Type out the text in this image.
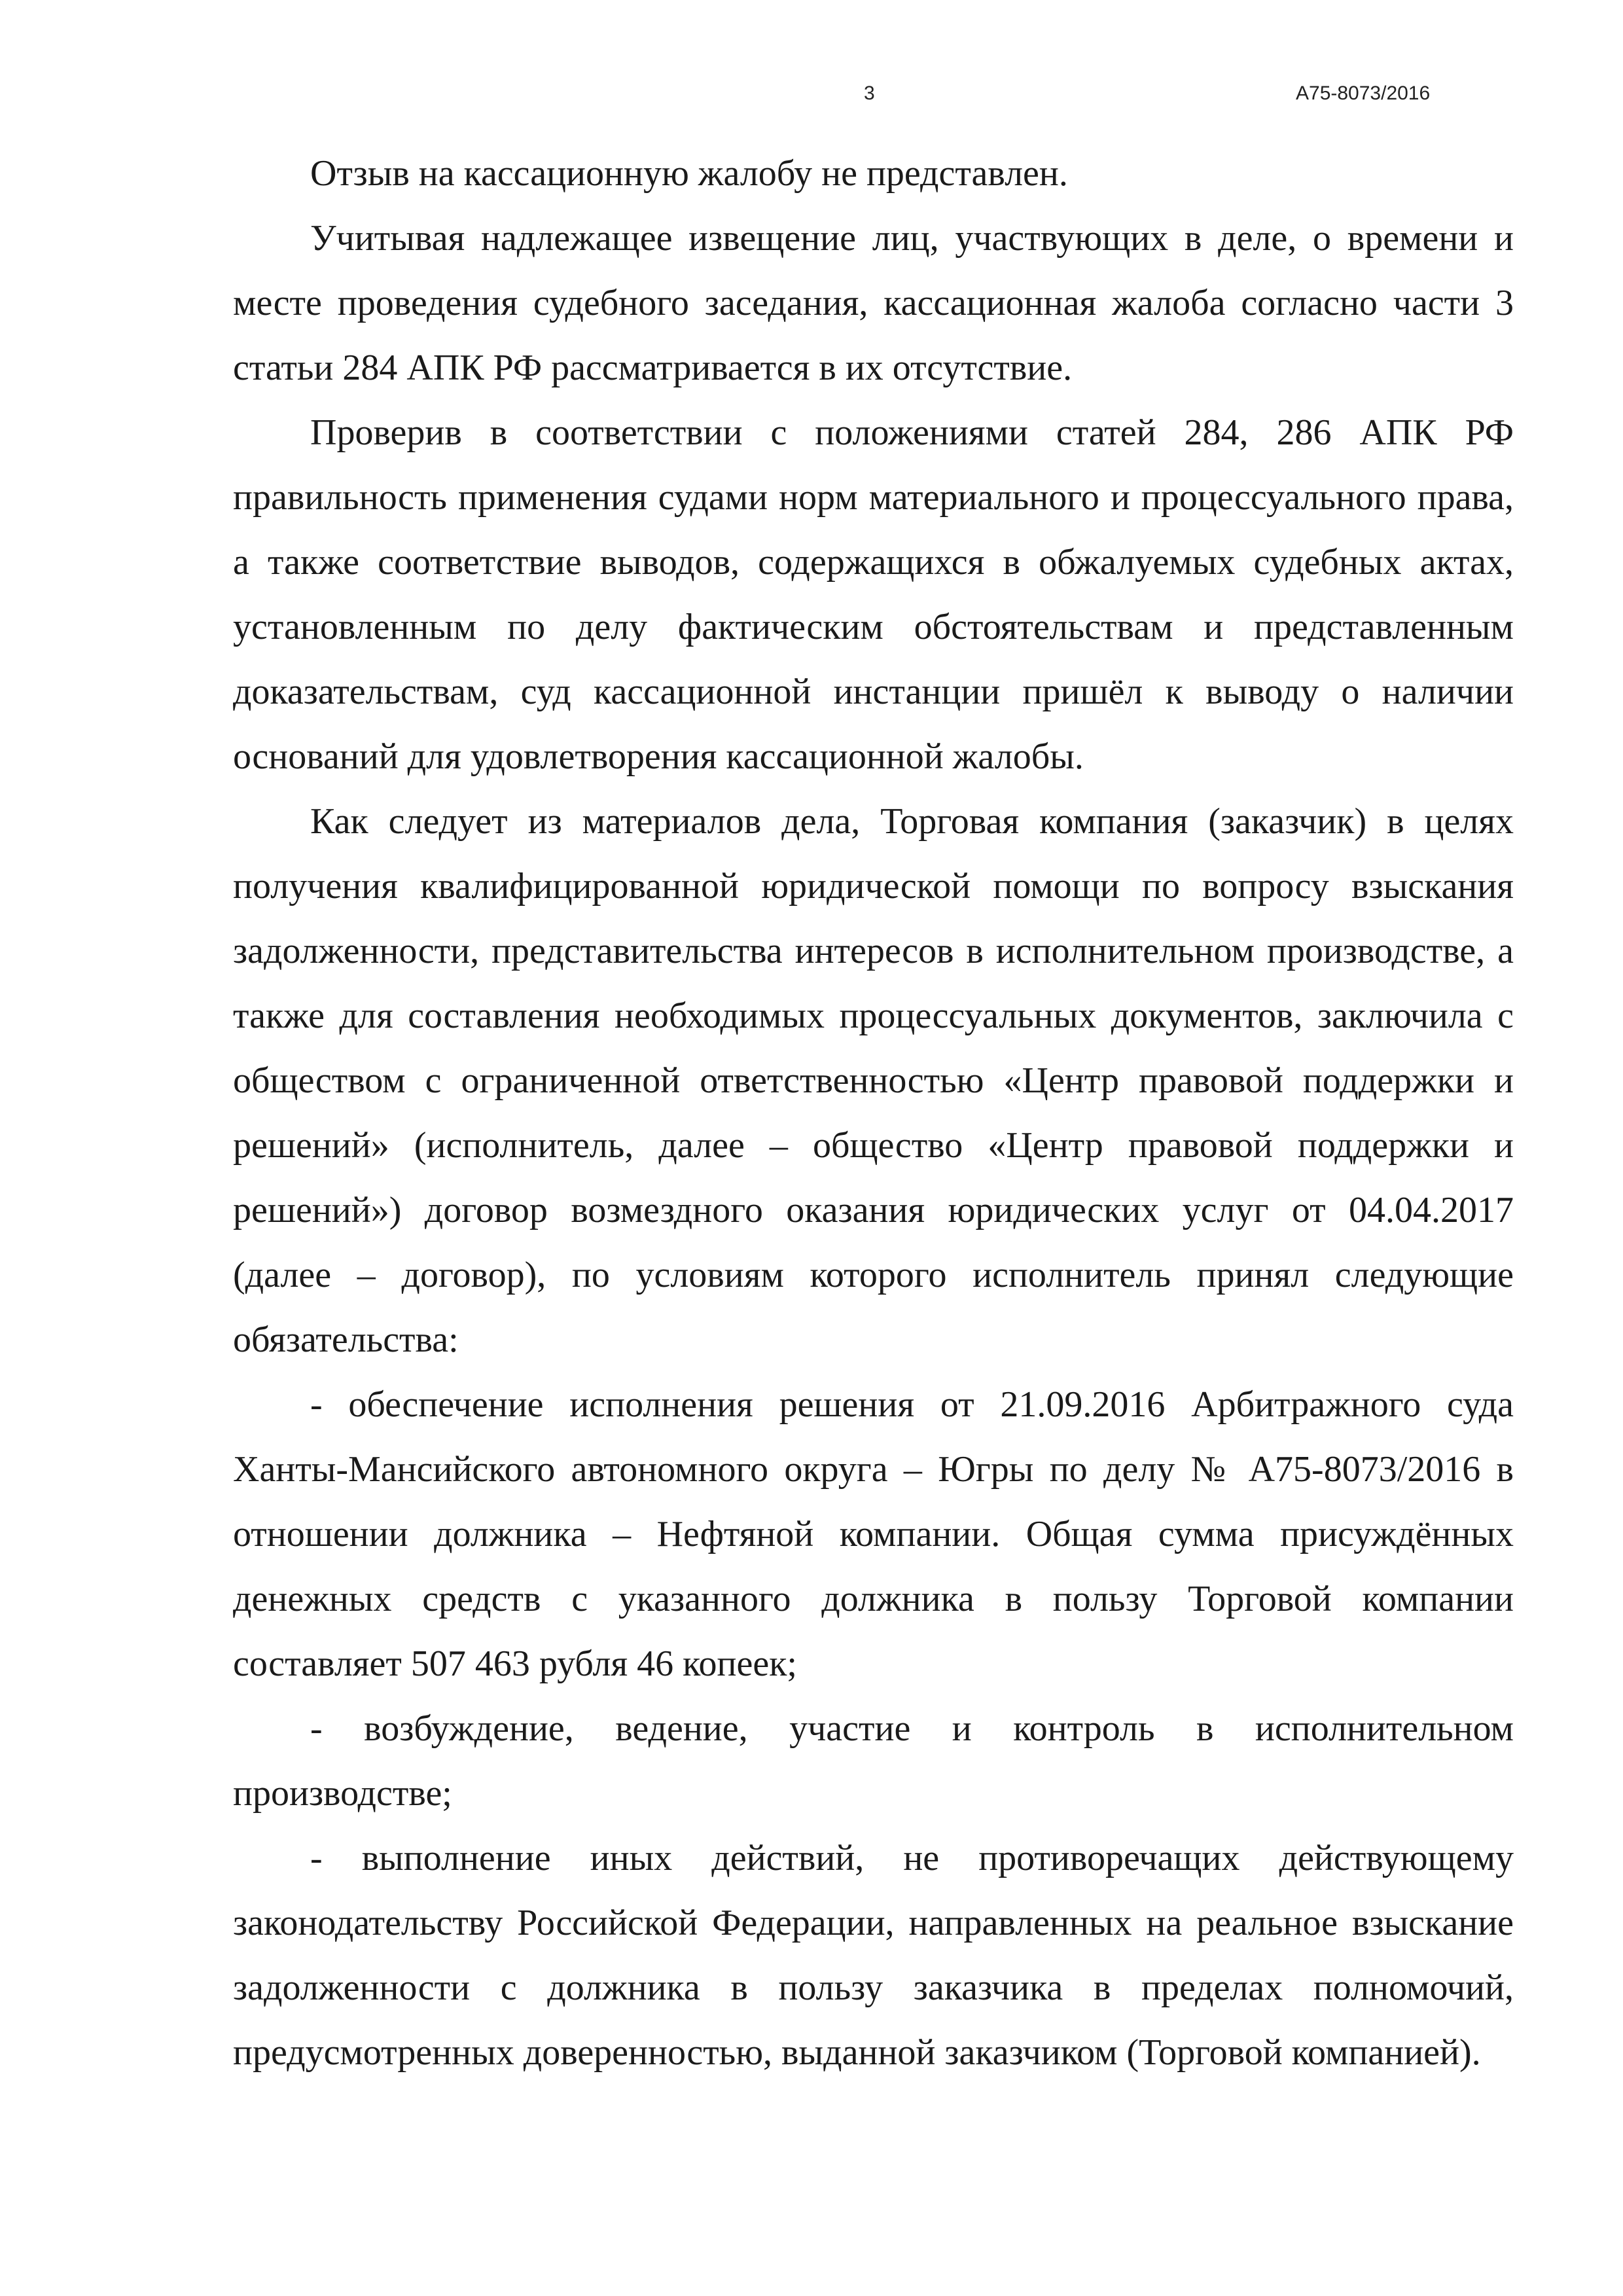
3	А75-8073/2016

Отзыв на кассационную жалобу не представлен.

Учитывая надлежащее извещение лиц, участвующих в деле, о времени и месте проведения судебного заседания, кассационная жалоба согласно части 3 статьи 284 АПК РФ рассматривается в их отсутствие.

Проверив в соответствии с положениями статей 284, 286 АПК РФ правильность применения судами норм материального и процессуального права, а также соответствие выводов, содержащихся в обжалуемых судебных актах, установленным по делу фактическим обстоятельствам и представленным доказательствам, суд кассационной инстанции пришёл к выводу о наличии оснований для удовлетворения кассационной жалобы.

Как следует из материалов дела, Торговая компания (заказчик) в целях получения квалифицированной юридической помощи по вопросу взыскания задолженности, представительства интересов в исполнительном производстве, а также для составления необходимых процессуальных документов, заключила с обществом с ограниченной ответственностью «Центр правовой поддержки и решений» (исполнитель, далее – общество «Центр правовой поддержки и решений») договор возмездного оказания юридических услуг от 04.04.2017 (далее – договор), по условиям которого исполнитель принял следующие обязательства:

- обеспечение исполнения решения от 21.09.2016 Арбитражного суда Ханты-Мансийского автономного округа – Югры по делу № А75-8073/2016 в отношении должника – Нефтяной компании. Общая сумма присуждённых денежных средств с указанного должника в пользу Торговой компании составляет 507 463 рубля 46 копеек;

- возбуждение, ведение, участие и контроль в исполнительном производстве;

- выполнение иных действий, не противоречащих действующему законодательству Российской Федерации, направленных на реальное взыскание задолженности с должника в пользу заказчика в пределах полномочий, предусмотренных доверенностью, выданной заказчиком (Торговой компанией).
